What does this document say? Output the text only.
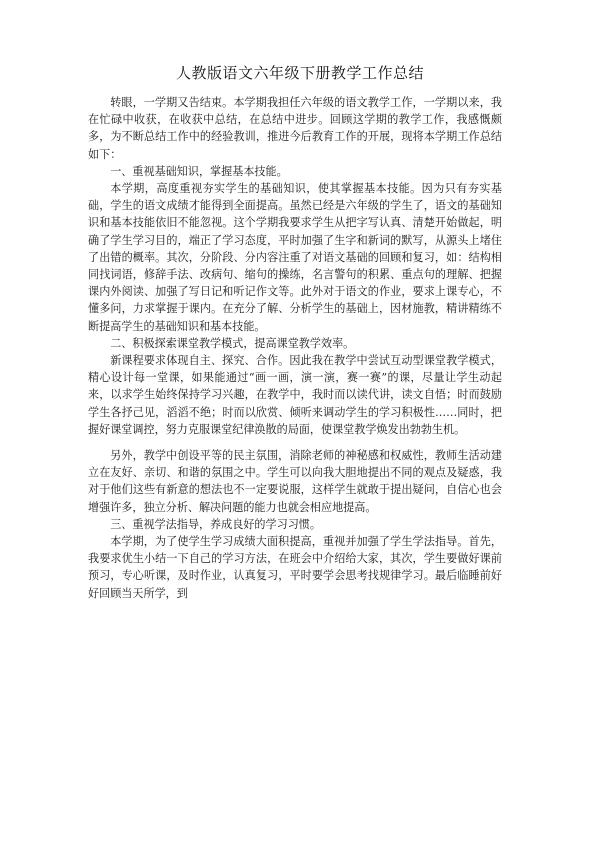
人教版语文六年级下册教学工作总结

转眼，一学期又告结束。本学期我担任六年级的语文教学工作，一学期以来，我在忙碌中收获，在收获中总结，在总结中进步。回顾这学期的教学工作，我感慨颇多，为不断总结工作中的经验教训，推进今后教育工作的开展，现将本学期工作总结如下：

一、重视基础知识，掌握基本技能。

本学期，高度重视夯实学生的基础知识，使其掌握基本技能。因为只有夯实基础，学生的语文成绩才能得到全面提高。虽然已经是六年级的学生了，语文的基础知识和基本技能依旧不能忽视。这个学期我要求学生从把字写认真、清楚开始做起，明确了学生学习目的，端正了学习态度，平时加强了生字和新词的默写，从源头上堵住了出错的概率。其次，分阶段、分内容注重了对语文基础的回顾和复习，如：结构相同找词语，修辞手法、改病句、缩句的操练，名言警句的积累、重点句的理解、把握课内外阅读、加强了写日记和听记作文等。此外对于语文的作业，要求上课专心，不懂多问，力求掌握于课内。在充分了解、分析学生的基础上，因材施教，精讲精练不断提高学生的基础知识和基本技能。

二、积极探索课堂教学模式，提高课堂教学效率。

新课程要求体现自主、探究、合作。因此我在教学中尝试互动型课堂教学模式，精心设计每一堂课，如果能通过“画一画，演一演，赛一赛”的课，尽量让学生动起来，以求学生始终保持学习兴趣，在教学中，我时而以读代讲，读文自悟；时而鼓励学生各抒己见，滔滔不绝；时而以欣赏、倾听来调动学生的学习积极性……同时，把握好课堂调控，努力克服课堂纪律涣散的局面，使课堂教学焕发出勃勃生机。

另外，教学中创设平等的民主氛围，消除老师的神秘感和权威性，教师生活动建立在友好、亲切、和谐的氛围之中。学生可以向我大胆地提出不同的观点及疑惑，我对于他们这些有新意的想法也不一定要说服，这样学生就敢于提出疑问，自信心也会增强许多，独立分析、解决问题的能力也就会相应地提高。

三、重视学法指导，养成良好的学习习惯。

本学期，为了使学生学习成绩大面积提高，重视并加强了学生学法指导。首先，我要求优生小结一下自己的学习方法，在班会中介绍给大家，其次，学生要做好课前预习，专心听课，及时作业，认真复习，平时要学会思考找规律学习。最后临睡前好好回顾当天所学，到
